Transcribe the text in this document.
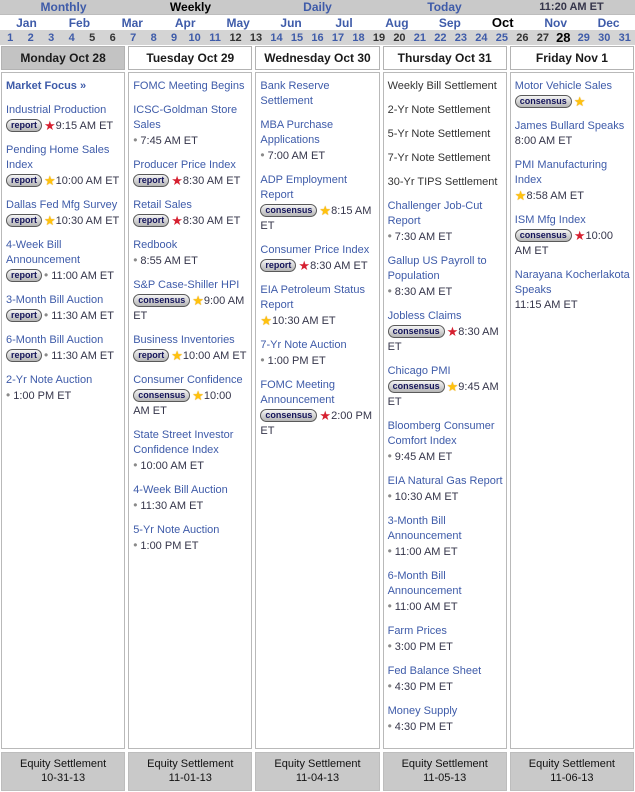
Monthly	Weekly	Daily	Today	11:20 AM ET
Jan	Feb	Mar	Apr	May	Jun	Jul	Aug	Sep	Oct	Nov	Dec
1	2	3	4	5	6	7	8	9	10 11 12 13 14 15 16 17 18 19 20 21 22 23 24 25 26 27 28 29 30 31
Monday Oct 28
Market Focus »
Industrial Production
report ★9:15 AM ET
Pending Home Sales Index
report ★10:00 AM ET
Dallas Fed Mfg Survey
report ★10:30 AM ET
4-Week Bill Announcement
report • 11:00 AM ET
3-Month Bill Auction
report • 11:30 AM ET
6-Month Bill Auction
report • 11:30 AM ET
2-Yr Note Auction
• 1:00 PM ET
Tuesday Oct 29
FOMC Meeting Begins
ICSC-Goldman Store Sales
• 7:45 AM ET
Producer Price Index
report ★8:30 AM ET
Retail Sales
report ★8:30 AM ET
Redbook
• 8:55 AM ET
S&P Case-Shiller HPI
consensus ★9:00 AM ET
Business Inventories
report ★10:00 AM ET
Consumer Confidence
consensus ★10:00 AM ET
State Street Investor Confidence Index
• 10:00 AM ET
4-Week Bill Auction
• 11:30 AM ET
5-Yr Note Auction
• 1:00 PM ET
Wednesday Oct 30
Bank Reserve Settlement
MBA Purchase Applications
• 7:00 AM ET
ADP Employment Report
consensus ★8:15 AM ET
Consumer Price Index
report ★8:30 AM ET
EIA Petroleum Status Report
★10:30 AM ET
7-Yr Note Auction
• 1:00 PM ET
FOMC Meeting Announcement
consensus ★2:00 PM ET
Thursday Oct 31
Weekly Bill Settlement
2-Yr Note Settlement
5-Yr Note Settlement
7-Yr Note Settlement
30-Yr TIPS Settlement
Challenger Job-Cut Report
• 7:30 AM ET
Gallup US Payroll to Population
• 8:30 AM ET
Jobless Claims
consensus ★8:30 AM ET
Chicago PMI
consensus ★9:45 AM ET
Bloomberg Consumer Comfort Index
• 9:45 AM ET
EIA Natural Gas Report
• 10:30 AM ET
3-Month Bill Announcement
• 11:00 AM ET
6-Month Bill Announcement
• 11:00 AM ET
Farm Prices
• 3:00 PM ET
Fed Balance Sheet
• 4:30 PM ET
Money Supply
• 4:30 PM ET
Friday Nov 1
Motor Vehicle Sales
consensus ★
James Bullard Speaks
8:00 AM ET
PMI Manufacturing Index
★8:58 AM ET
ISM Mfg Index
consensus ★10:00 AM ET
Narayana Kocherlakota Speaks
11:15 AM ET
Equity Settlement
10-31-13
Equity Settlement
11-01-13
Equity Settlement
11-04-13
Equity Settlement
11-05-13
Equity Settlement
11-06-13
